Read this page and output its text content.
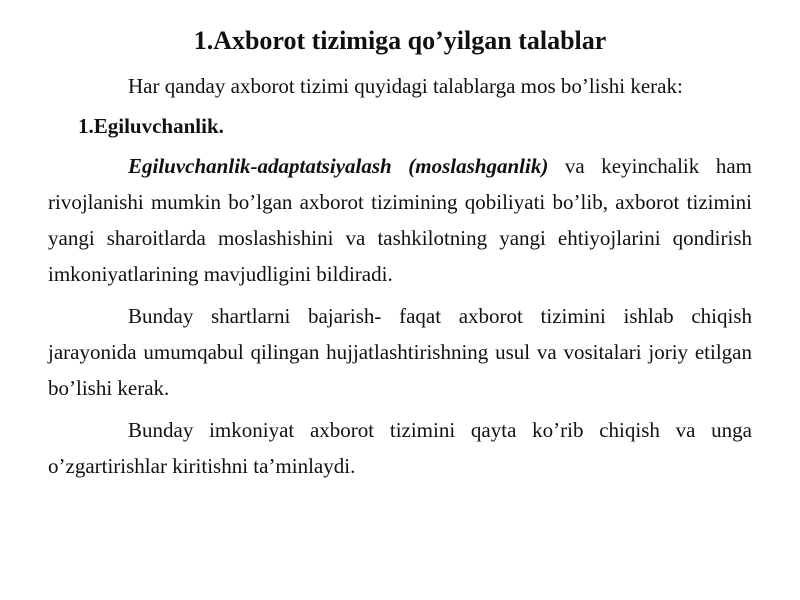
1.Axborot tizimiga qo’yilgan talablar

Har qanday axborot tizimi quyidagi talablarga mos bo’lishi kerak:

1.Egiluvchanlik.

Egiluvchanlik-adaptatsiyalash (moslashganlik) va keyinchalik ham rivojlanishi mumkin bo’lgan axborot tizimining qobiliyati bo’lib, axborot tizimini yangi sharoitlarda moslashishini va tashkilotning yangi ehtiyojlarini qondirish imkoniyatlarining mavjudligini bildiradi.

Bunday shartlarni bajarish- faqat axborot tizimini ishlab chiqish jarayonida umumqabul qilingan hujjatlashtirishning usul va vositalari joriy etilgan bo’lishi kerak.

Bunday imkoniyat axborot tizimini qayta ko’rib chiqish va unga o’zgartirishlar kiritishni ta’minlaydi.
